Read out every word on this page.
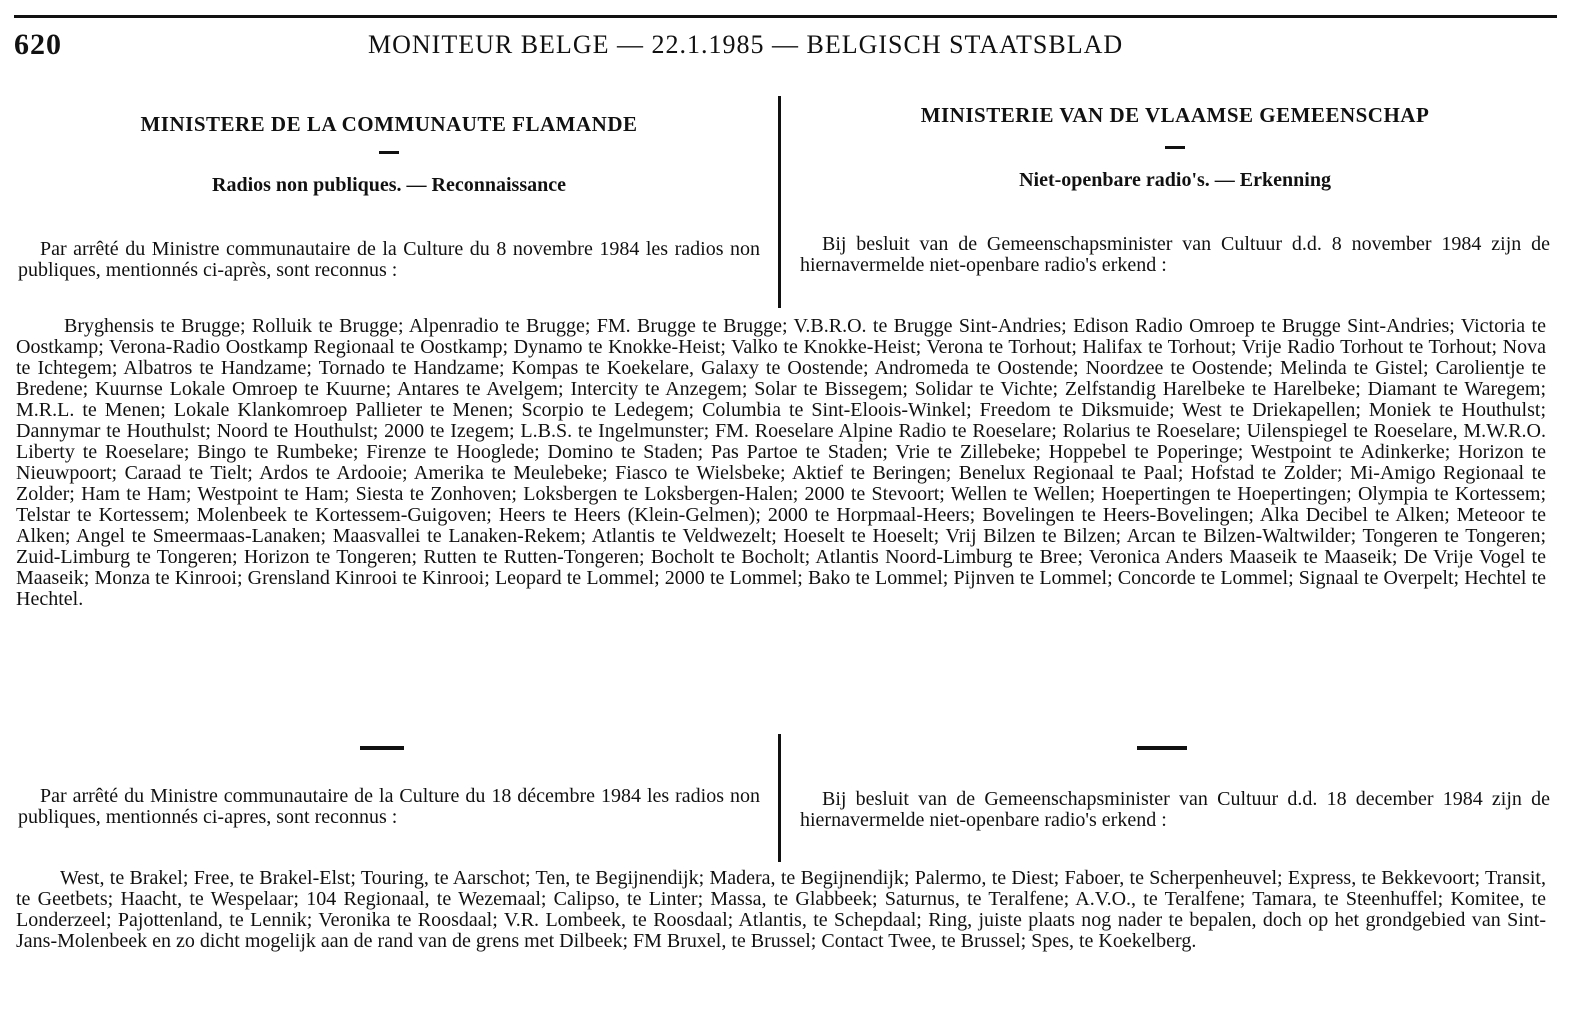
620	MONITEUR BELGE — 22.1.1985 — BELGISCH STAATSBLAD
MINISTERE DE LA COMMUNAUTE FLAMANDE
Radios non publiques. — Reconnaissance

Par arrêté du Ministre communautaire de la Culture du 8 novembre 1984 les radios non publiques, mentionnés ci-après, sont reconnus :

MINISTERIE VAN DE VLAAMSE GEMEENSCHAP
Niet-openbare radio's. — Erkenning

Bij besluit van de Gemeenschapsminister van Cultuur d.d. 8 november 1984 zijn de hiernavermelde niet-openbare radio's erkend :

Bryghensis te Brugge; Rolluik te Brugge; Alpenradio te Brugge; FM. Brugge te Brugge; V.B.R.O. te Brugge Sint-Andries; Edison Radio Omroep te Brugge Sint-Andries; Victoria te Oostkamp; Verona-Radio Oostkamp Regionaal te Oostkamp; Dynamo te Knokke-Heist; Valko te Knokke-Heist; Verona te Torhout; Halifax te Torhout; Vrije Radio Torhout te Torhout; Nova te Ichtegem; Albatros te Handzame; Tornado te Handzame; Kompas te Koekelare, Galaxy te Oostende; Andromeda te Oostende; Noordzee te Oostende; Melinda te Gistel; Carolientje te Bredene; Kuurnse Lokale Omroep te Kuurne; Antares te Avelgem; Intercity te Anzegem; Solar te Bissegem; Solidar te Vichte; Zelfstandig Harelbeke te Harelbeke; Diamant te Waregem; M.R.L. te Menen; Lokale Klankomroep Pallieter te Menen; Scorpio te Ledegem; Columbia te Sint-Eloois-Winkel; Freedom te Diksmuide; West te Driekapellen; Moniek te Houthulst; Dannymar te Houthulst; Noord te Houthulst; 2000 te Izegem; L.B.S. te Ingelmunster; FM. Roeselare Alpine Radio te Roeselare; Rolarius te Roeselare; Uilenspiegel te Roeselare, M.W.R.O. Liberty te Roeselare; Bingo te Rumbeke; Firenze te Hooglede; Domino te Staden; Pas Partoe te Staden; Vrie te Zillebeke; Hoppebel te Poperinge; Westpoint te Adinkerke; Horizon te Nieuwpoort; Caraad te Tielt; Ardos te Ardooie; Amerika te Meulebeke; Fiasco te Wielsbeke; Aktief te Beringen; Benelux Regionaal te Paal; Hofstad te Zolder; Mi-Amigo Regionaal te Zolder; Ham te Ham; Westpoint te Ham; Siesta te Zonhoven; Loksbergen te Loksbergen-Halen; 2000 te Stevoort; Wellen te Wellen; Hoepertingen te Hoepertingen; Olympia te Kortessem; Telstar te Kortessem; Molenbeek te Kortessem-Guigoven; Heers te Heers (Klein-Gelmen); 2000 te Horpmaal-Heers; Bovelingen te Heers-Bovelingen; Alka Decibel te Alken; Meteoor te Alken; Angel te Smeermaas-Lanaken; Maasvallei te Lanaken-Rekem; Atlantis te Veldwezelt; Hoeselt te Hoeselt; Vrij Bilzen te Bilzen; Arcan te Bilzen-Waltwilder; Tongeren te Tongeren; Zuid-Limburg te Tongeren; Horizon te Tongeren; Rutten te Rutten-Tongeren; Bocholt te Bocholt; Atlantis Noord-Limburg te Bree; Veronica Anders Maaseik te Maaseik; De Vrije Vogel te Maaseik; Monza te Kinrooi; Grensland Kinrooi te Kinrooi; Leopard te Lommel; 2000 te Lommel; Bako te Lommel; Pijnven te Lommel; Concorde te Lommel; Signaal te Overpelt; Hechtel te Hechtel.

Par arrêté du Ministre communautaire de la Culture du 18 décembre 1984 les radios non publiques, mentionnés ci-apres, sont reconnus :

Bij besluit van de Gemeenschapsminister van Cultuur d.d. 18 december 1984 zijn de hiernavermelde niet-openbare radio's erkend :

West, te Brakel; Free, te Brakel-Elst; Touring, te Aarschot; Ten, te Begijnendijk; Madera, te Begijnendijk; Palermo, te Diest; Faboer, te Scherpenheuvel; Express, te Bekkevoort; Transit, te Geetbets; Haacht, te Wespelaar; 104 Regionaal, te Wezemaal; Calipso, te Linter; Massa, te Glabbeek; Saturnus, te Teralfene; A.V.O., te Teralfene; Tamara, te Steenhuffel; Komitee, te Londerzeel; Pajottenland, te Lennik; Veronika te Roosdaal; V.R. Lombeek, te Roosdaal; Atlantis, te Schepdaal; Ring, juiste plaats nog nader te bepalen, doch op het grondgebied van Sint-Jans-Molenbeek en zo dicht mogelijk aan de rand van de grens met Dilbeek; FM Bruxel, te Brussel; Contact Twee, te Brussel; Spes, te Koekelberg.
